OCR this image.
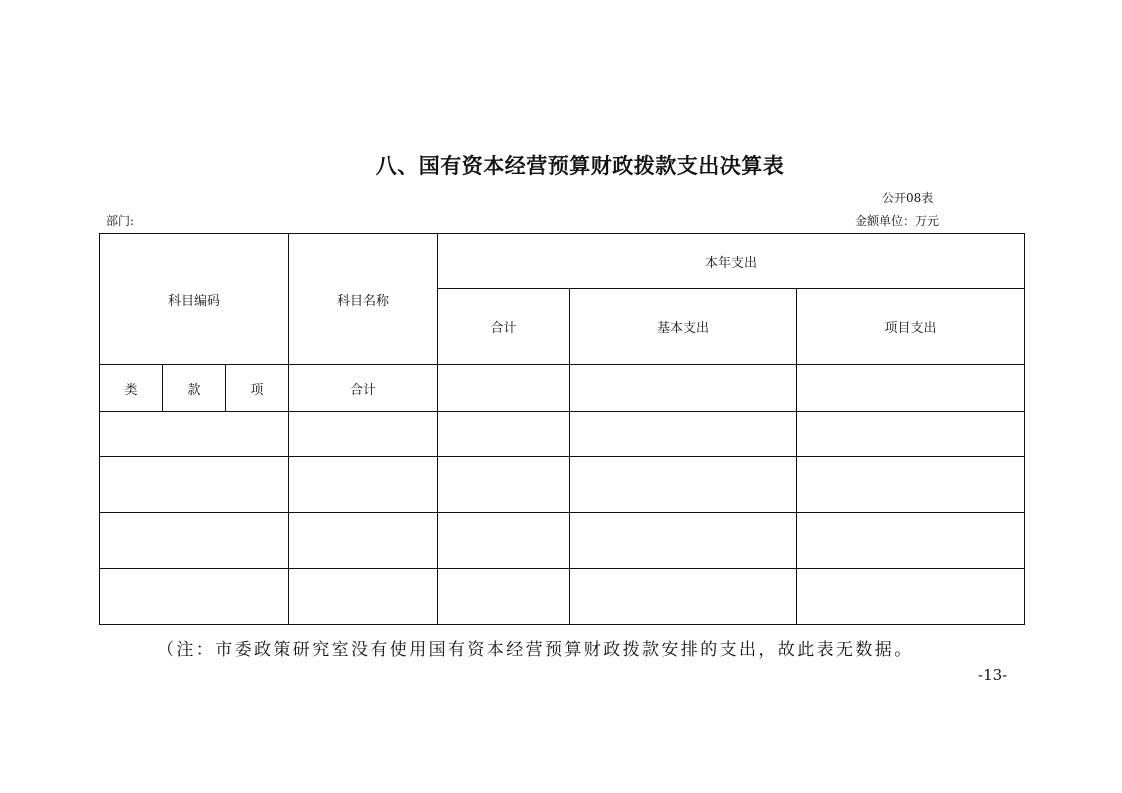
八、国有资本经营预算财政拨款支出决算表
公开08表
部门:	金额单位：万元
科目编码			科目名称	本年支出		
				合计	基本支出	项目支出
类	款	项	合计			

（注：市委政策研究室没有使用国有资本经营预算财政拨款安排的支出，故此表无数据。
-13-
